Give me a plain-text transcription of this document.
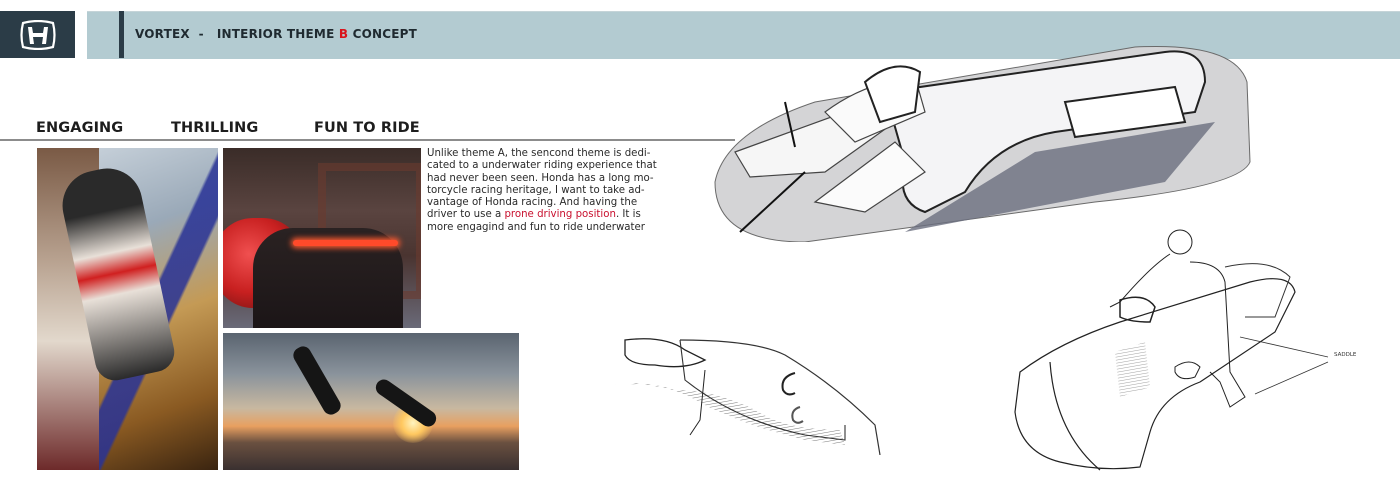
VORTEX  -   INTERIOR THEME B CONCEPT
ENGAGING	THRILLING	FUN TO RIDE
Unlike theme A, the sencond theme is dedi-cated to a underwater riding experience that had never been seen. Honda has a long mo-torcycle racing heritage, I want to take ad-vantage of Honda racing. And having the driver to use a prone driving position. It is more engagind and fun to ride underwater
SADDLE
